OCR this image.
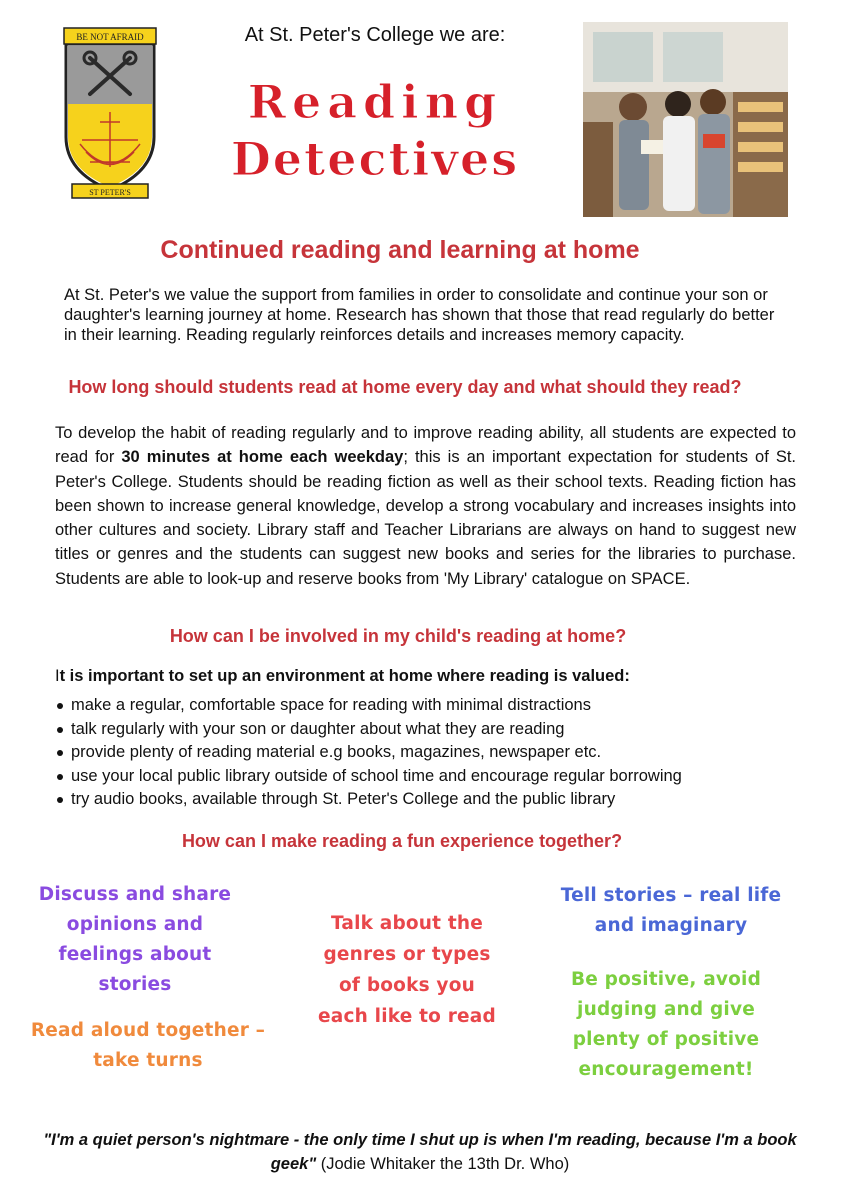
BE NOT AFRAID
ST PETER'S
At St. Peter's College we are:
Reading
Detectives
Continued reading and learning at home
At St. Peter's we value the support from families in order to consolidate and continue your son or daughter's learning journey at home. Research has shown that those that read regularly do better in their learning. Reading regularly reinforces details and increases memory capacity.
How long should students read at home every day and what should they read?
To develop the habit of reading regularly and to improve reading ability, all students are expected to read for 30 minutes at home each weekday; this is an important expectation for students of St. Peter's College. Students should be reading fiction as well as their school texts. Reading fiction has been shown to increase general knowledge, develop a strong vocabulary and increases insights into other cultures and society. Library staff and Teacher Librarians are always on hand to suggest new titles or genres and the students can suggest new books and series for the libraries to purchase. Students are able to look-up and reserve books from 'My Library' catalogue on SPACE.
How can I be involved in my child's reading at home?
It is important to set up an environment at home where reading is valued:
make a regular, comfortable space for reading with minimal distractions
talk regularly with your son or daughter about what they are reading
provide plenty of reading material e.g books, magazines, newspaper etc.
use your local public library outside of school time and encourage regular borrowing
try audio books, available through St. Peter's College and the public library
How can I make reading a fun experience together?
Discuss and share opinions and feelings about stories
Read aloud together – take turns
Talk about the genres or types of books you each like to read
Tell stories – real life and imaginary
Be positive, avoid judging and give plenty of positive encouragement!
"I'm a quiet person's nightmare - the only time I shut up is when I'm reading, because I'm a book geek" (Jodie Whitaker the 13th Dr. Who)
